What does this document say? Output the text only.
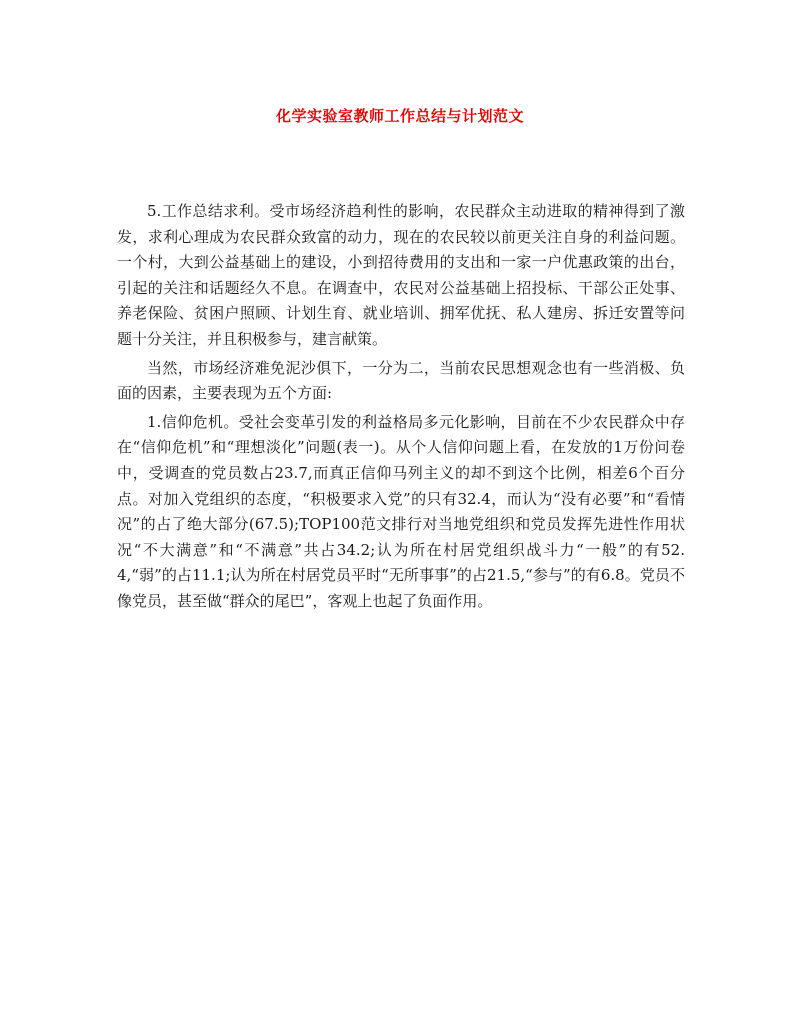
化学实验室教师工作总结与计划范文

5.工作总结求利。受市场经济趋利性的影响，农民群众主动进取的精神得到了激发，求利心理成为农民群众致富的动力，现在的农民较以前更关注自身的利益问题。一个村，大到公益基础上的建设，小到招待费用的支出和一家一户优惠政策的出台，引起的关注和话题经久不息。在调查中，农民对公益基础上招投标、干部公正处事、养老保险、贫困户照顾、计划生育、就业培训、拥军优抚、私人建房、拆迁安置等问题十分关注，并且积极参与，建言献策。

当然，市场经济难免泥沙俱下，一分为二，当前农民思想观念也有一些消极、负面的因素，主要表现为五个方面:

1.信仰危机。受社会变革引发的利益格局多元化影响，目前在不少农民群众中存在“信仰危机”和“理想淡化”问题(表一)。从个人信仰问题上看，在发放的1万份问卷中，受调查的党员数占23.7,而真正信仰马列主义的却不到这个比例，相差6个百分点。对加入党组织的态度，“积极要求入党”的只有32.4，而认为“没有必要”和“看情况”的占了绝大部分(67.5);TOP100范文排行对当地党组织和党员发挥先进性作用状况“不大满意”和“不满意”共占34.2;认为所在村居党组织战斗力“一般”的有52.4,“弱”的占11.1;认为所在村居党员平时“无所事事”的占21.5,“参与”的有6.8。党员不像党员，甚至做“群众的尾巴”，客观上也起了负面作用。
